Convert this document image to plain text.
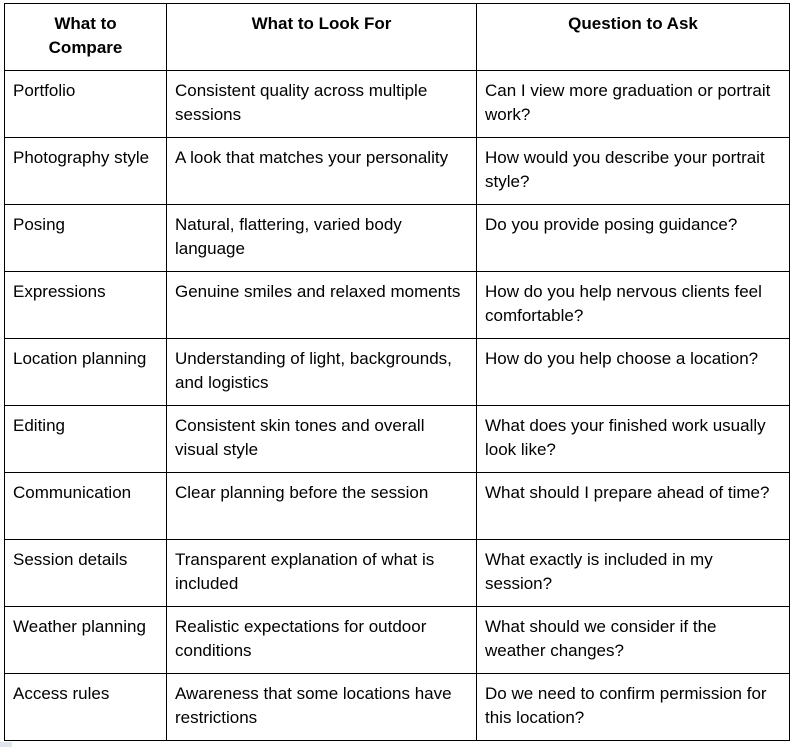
What to
Compare	What to Look For	Question to Ask
Portfolio	Consistent quality across multiple sessions	Can I view more graduation or portrait work?
Photography style	A look that matches your personality	How would you describe your portrait style?
Posing	Natural, flattering, varied body language	Do you provide posing guidance?
Expressions	Genuine smiles and relaxed moments	How do you help nervous clients feel comfortable?
Location planning	Understanding of light, backgrounds, and logistics	How do you help choose a location?
Editing	Consistent skin tones and overall visual style	What does your finished work usually look like?
Communication	Clear planning before the session	What should I prepare ahead of time?
Session details	Transparent explanation of what is included	What exactly is included in my session?
Weather planning	Realistic expectations for outdoor conditions	What should we consider if the weather changes?
Access rules	Awareness that some locations have restrictions	Do we need to confirm permission for this location?
